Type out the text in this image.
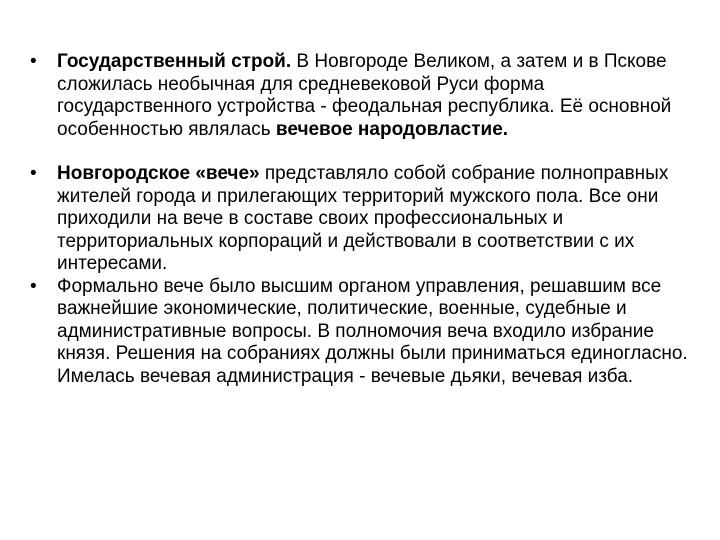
•	Государственный строй. В Новгороде Великом, а затем и в Пскове сложилась необычная для средневековой Руси форма государственного устройства - феодальная республика. Её основной особенностью являлась вечевое народовластие.
•	Новгородское «вече» представляло собой собрание полноправных жителей города и прилегающих территорий мужского пола. Все они приходили на вече в составе своих профессиональных и территориальных корпораций и действовали в соответствии с их интересами.
•	Формально вече было высшим органом управления, решавшим все важнейшие экономические, политические, военные, судебные и административные вопросы. В полномочия веча входило избрание князя. Решения на собраниях должны были приниматься единогласно. Имелась вечевая администрация - вечевые дьяки, вечевая изба.
